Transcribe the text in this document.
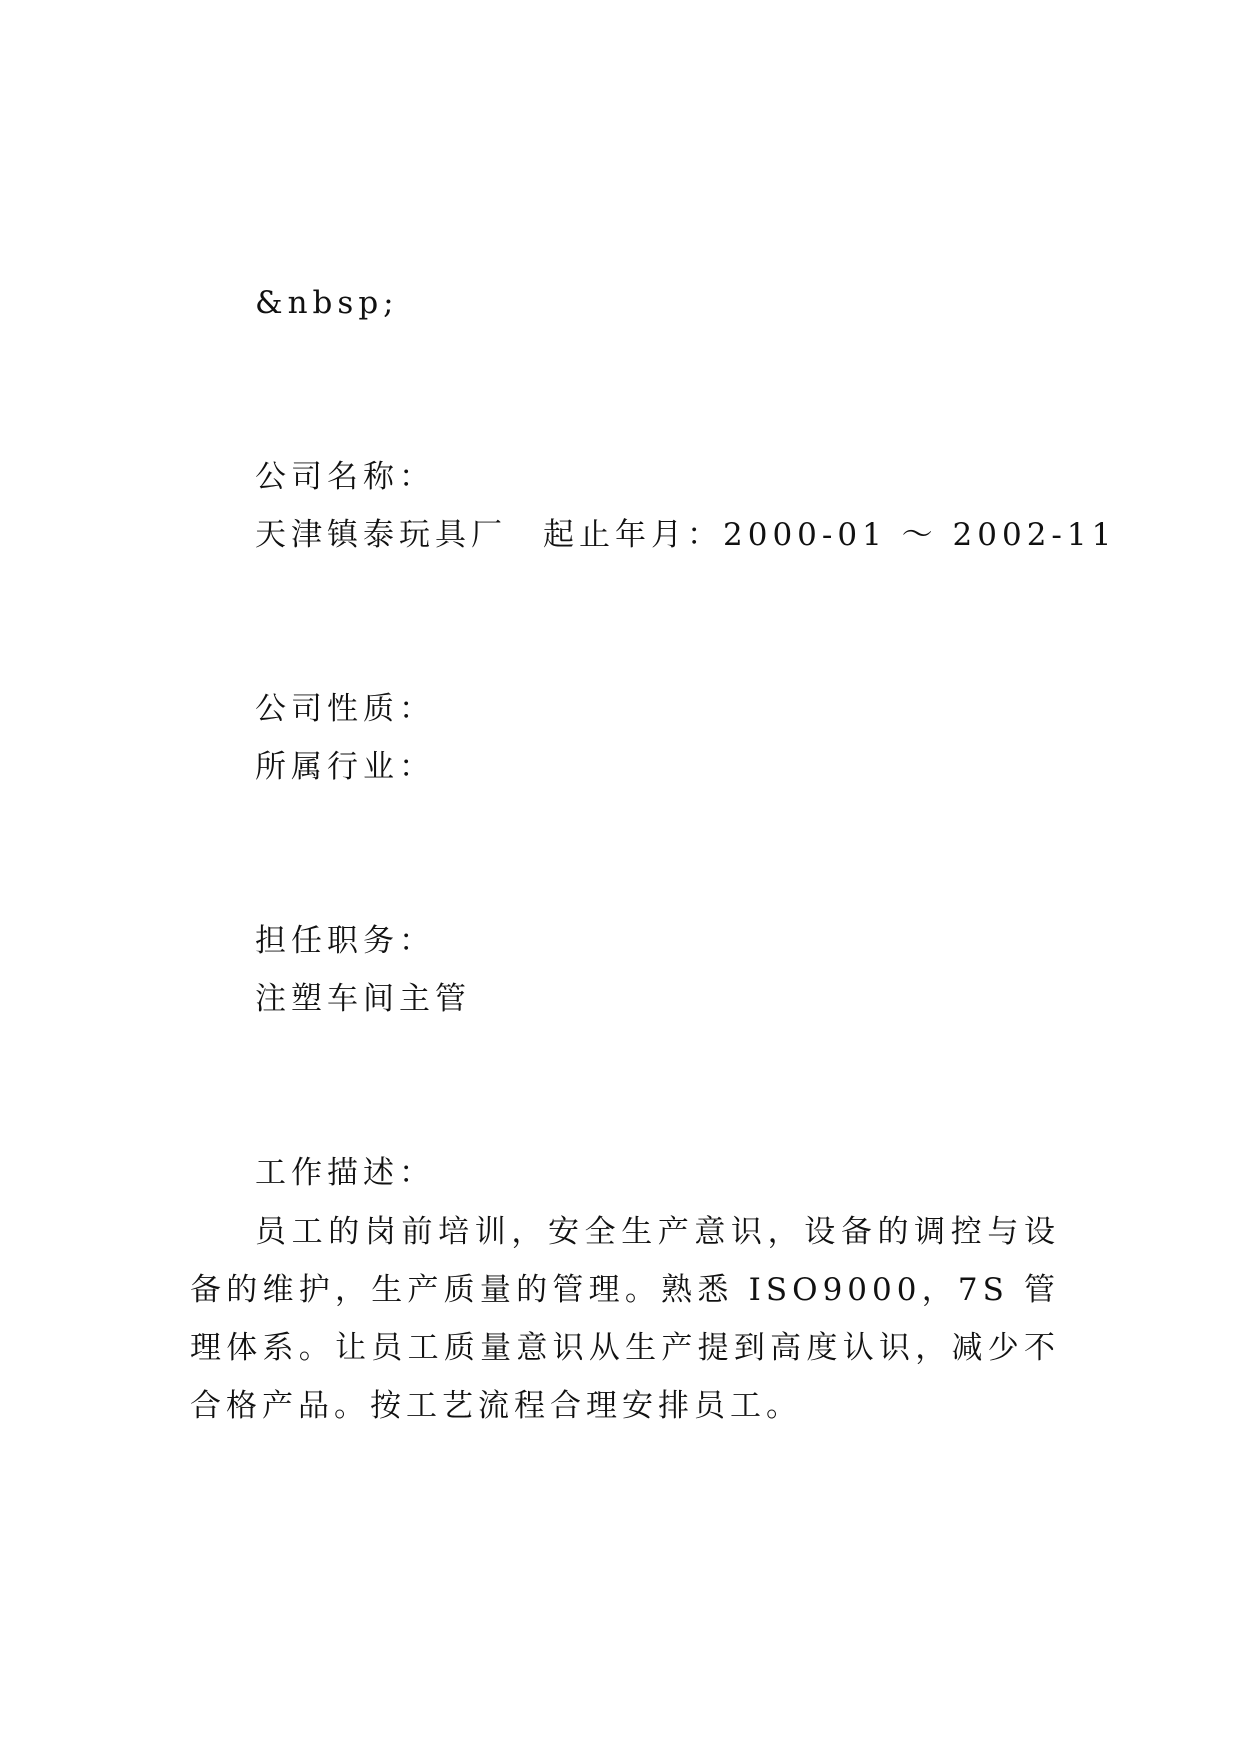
&nbsp;
公司名称：
天津镇泰玩具厂　起止年月：2000-01 ～ 2002-11
公司性质：
所属行业：
担任职务：
注塑车间主管
工作描述：
员工的岗前培训，安全生产意识，设备的调控与设备的维护，生产质量的管理。熟悉 ISO9000，7S 管理体系。让员工质量意识从生产提到高度认识，减少不合格产品。按工艺流程合理安排员工。
